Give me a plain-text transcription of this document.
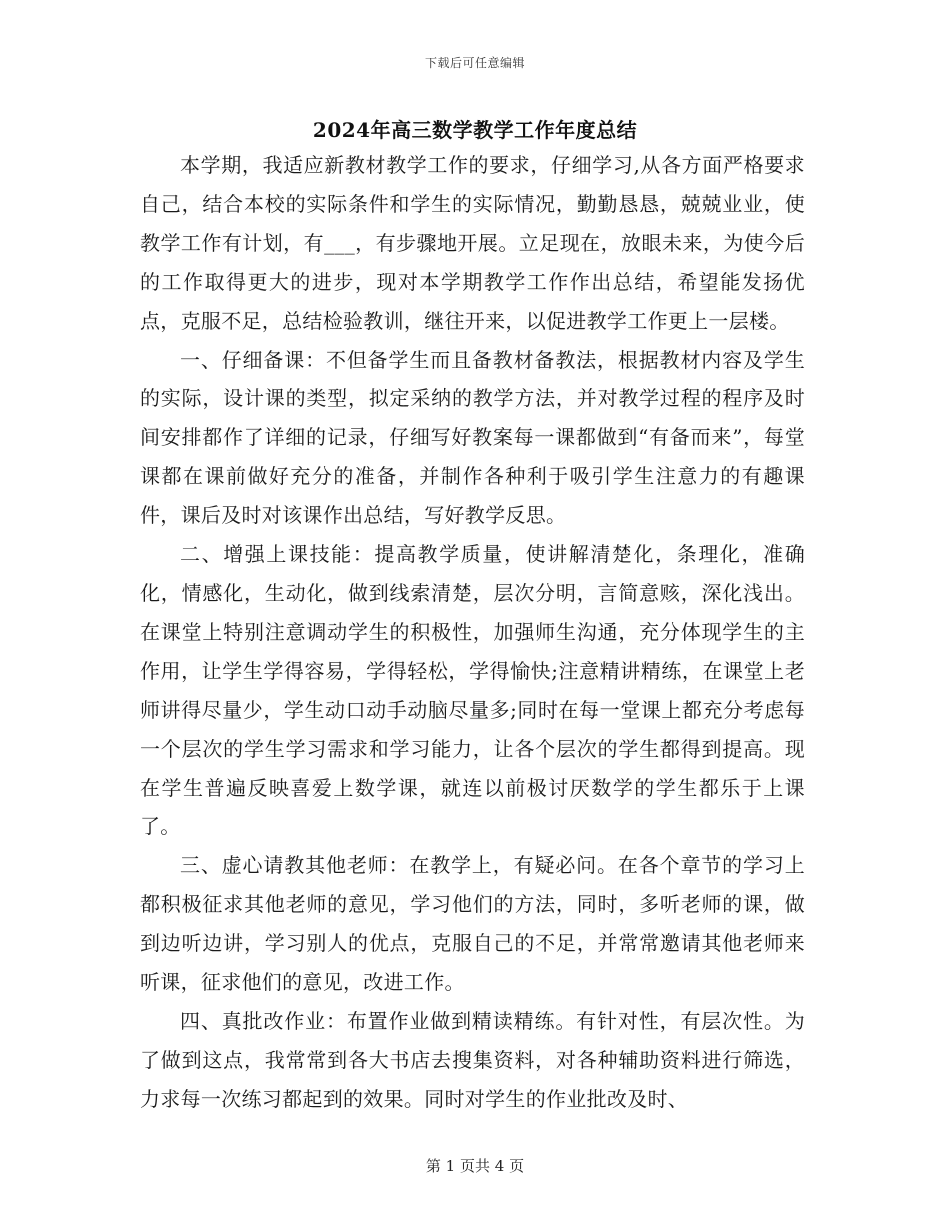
下载后可任意编辑
2024年高三数学教学工作年度总结

本学期，我适应新教材教学工作的要求，仔细学习,从各方面严格要求自己，结合本校的实际条件和学生的实际情况，勤勤恳恳，兢兢业业，使教学工作有计划，有___，有步骤地开展。立足现在，放眼未来，为使今后的工作取得更大的进步，现对本学期教学工作作出总结，希望能发扬优点，克服不足，总结检验教训，继往开来，以促进教学工作更上一层楼。

一、仔细备课：不但备学生而且备教材备教法，根据教材内容及学生的实际，设计课的类型，拟定采纳的教学方法，并对教学过程的程序及时间安排都作了详细的记录，仔细写好教案每一课都做到“有备而来”，每堂课都在课前做好充分的准备，并制作各种利于吸引学生注意力的有趣课件，课后及时对该课作出总结，写好教学反思。

二、增强上课技能：提高教学质量，使讲解清楚化，条理化，准确化，情感化，生动化，做到线索清楚，层次分明，言简意赅，深化浅出。在课堂上特别注意调动学生的积极性，加强师生沟通，充分体现学生的主作用，让学生学得容易，学得轻松，学得愉快;注意精讲精练，在课堂上老师讲得尽量少，学生动口动手动脑尽量多;同时在每一堂课上都充分考虑每一个层次的学生学习需求和学习能力，让各个层次的学生都得到提高。现在学生普遍反映喜爱上数学课，就连以前极讨厌数学的学生都乐于上课了。

三、虚心请教其他老师：在教学上，有疑必问。在各个章节的学习上都积极征求其他老师的意见，学习他们的方法，同时，多听老师的课，做到边听边讲，学习别人的优点，克服自己的不足，并常常邀请其他老师来听课，征求他们的意见，改进工作。

四、真批改作业：布置作业做到精读精练。有针对性，有层次性。为了做到这点，我常常到各大书店去搜集资料，对各种辅助资料进行筛选，力求每一次练习都起到的效果。同时对学生的作业批改及时、

第 1 页共 4 页
